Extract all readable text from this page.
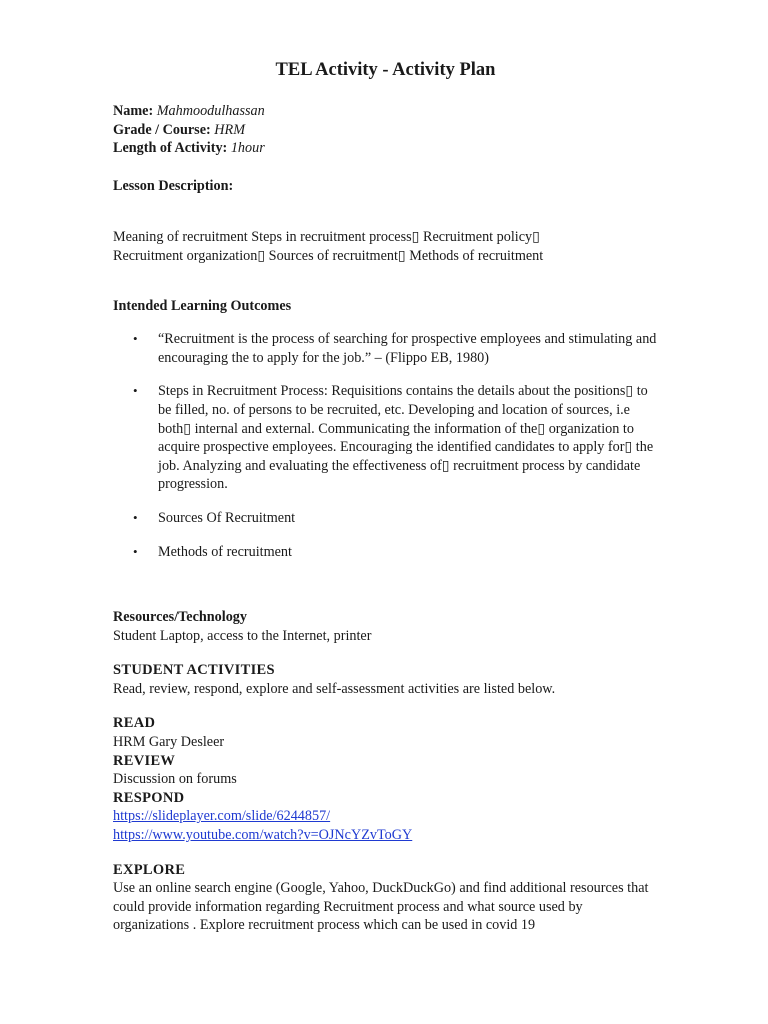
TEL Activity - Activity Plan
Name: Mahmoodulhassan
Grade / Course: HRM
Length of Activity: 1hour
Lesson Description:
Meaning of recruitment Steps in recruitment process▯ Recruitment policy▯
Recruitment organization▯ Sources of recruitment▯ Methods of recruitment
Intended Learning Outcomes
• “Recruitment is the process of searching for prospective employees and stimulating and encouraging the to apply for the job.” – (Flippo EB, 1980)
• Steps in Recruitment Process: Requisitions contains the details about the positions▯ to be filled, no. of persons to be recruited, etc. Developing and location of sources, i.e both▯ internal and external. Communicating the information of the▯ organization to acquire prospective employees. Encouraging the identified candidates to apply for▯ the job. Analyzing and evaluating the effectiveness of▯ recruitment process by candidate progression.
• Sources Of Recruitment
• Methods of recruitment
Resources/Technology
Student Laptop, access to the Internet, printer
STUDENT ACTIVITIES
Read, review, respond, explore and self-assessment activities are listed below.
READ
HRM Gary Desleer
REVIEW
Discussion on forums
RESPOND
https://slideplayer.com/slide/6244857/
https://www.youtube.com/watch?v=OJNcYZvToGY
EXPLORE
Use an online search engine (Google, Yahoo, DuckDuckGo) and find additional resources that could provide information regarding Recruitment process and what source used by organizations . Explore recruitment process which can be used in covid 19
